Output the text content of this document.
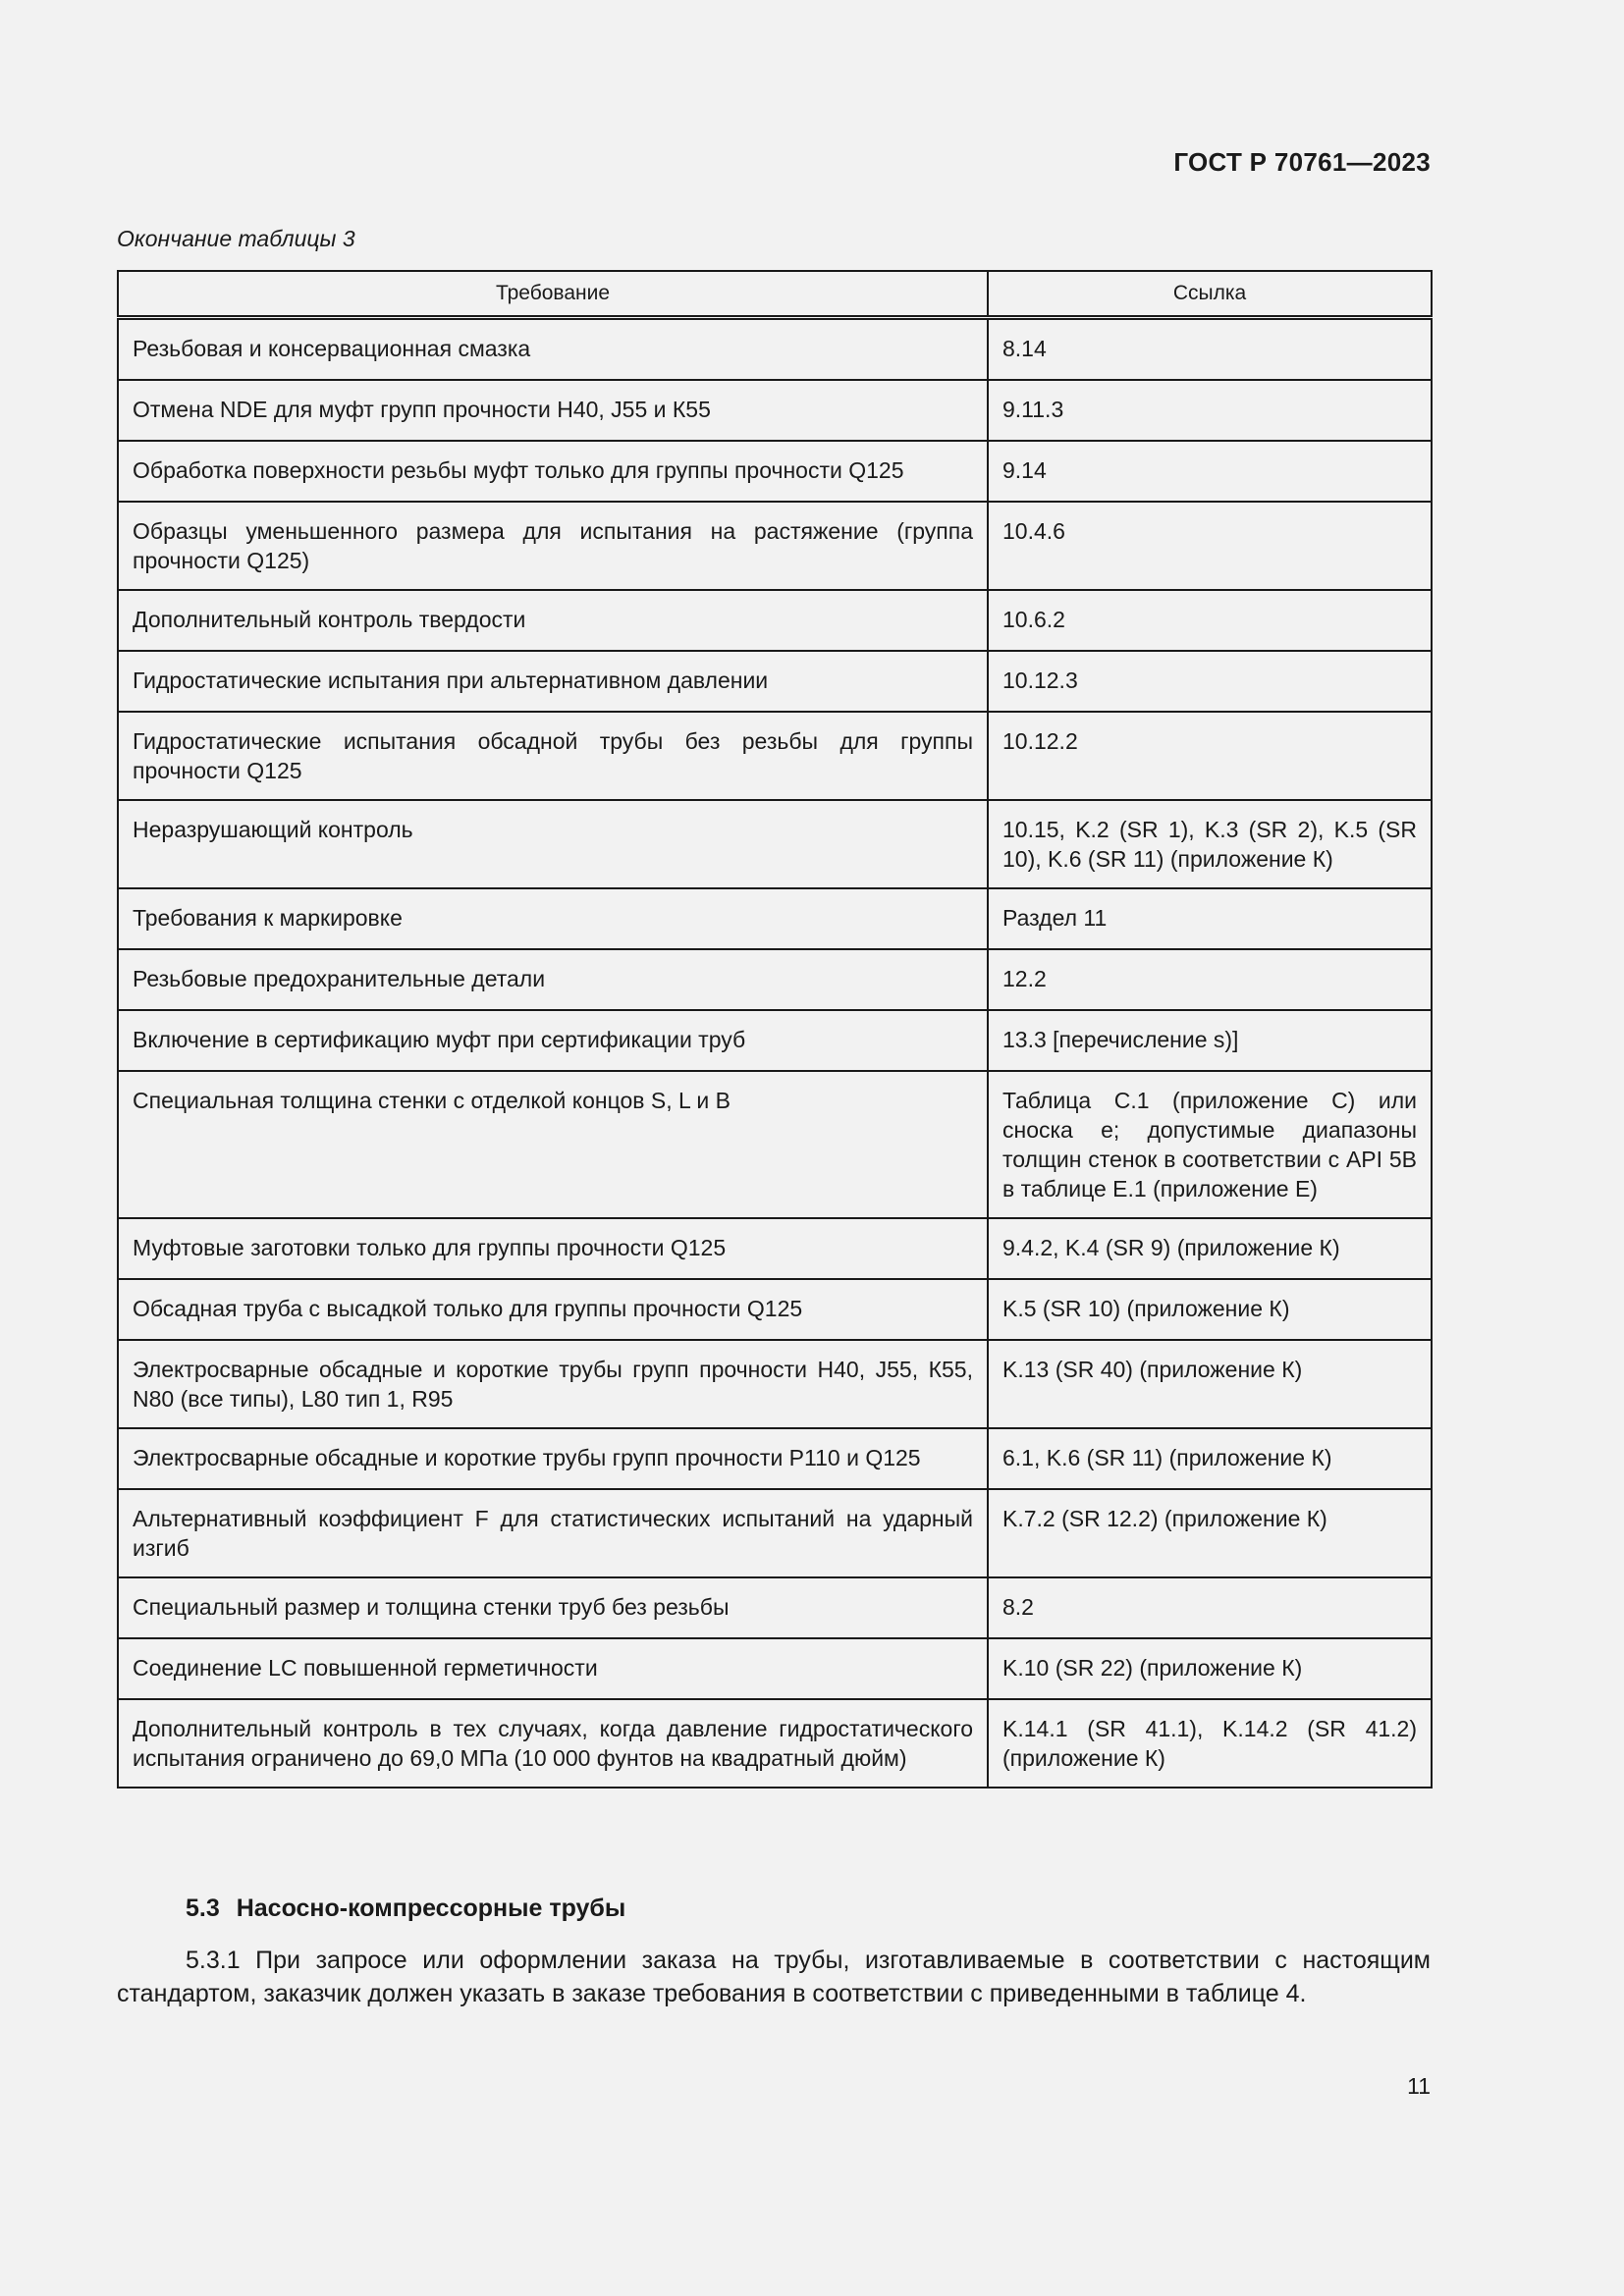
ГОСТ Р 70761—2023
Окончание таблицы 3
Требование	Ссылка
Резьбовая и консервационная смазка	8.14
Отмена NDE для муфт групп прочности Н40, J55 и К55	9.11.3
Обработка поверхности резьбы муфт только для группы прочности Q125	9.14
Образцы уменьшенного размера для испытания на растяжение (группа прочности Q125)	10.4.6
Дополнительный контроль твердости	10.6.2
Гидростатические испытания при альтернативном давлении	10.12.3
Гидростатические испытания обсадной трубы без резьбы для группы прочности Q125	10.12.2
Неразрушающий контроль	10.15, K.2 (SR 1), K.3 (SR 2), K.5 (SR 10), K.6 (SR 11) (приложение К)
Требования к маркировке	Раздел 11
Резьбовые предохранительные детали	12.2
Включение в сертификацию муфт при сертификации труб	13.3 [перечисление s)]
Специальная толщина стенки с отделкой концов S, L и B	Таблица С.1 (приложение С) или сноска е; допустимые диапазоны толщин стенок в соответствии с API 5B в таблице Е.1 (приложение Е)
Муфтовые заготовки только для группы прочности Q125	9.4.2, K.4 (SR 9) (приложение К)
Обсадная труба с высадкой только для группы прочности Q125	K.5 (SR 10) (приложение К)
Электросварные обсадные и короткие трубы групп прочности Н40, J55, К55, N80 (все типы), L80 тип 1, R95	K.13 (SR 40) (приложение К)
Электросварные обсадные и короткие трубы групп прочности Р110 и Q125	6.1, K.6 (SR 11) (приложение К)
Альтернативный коэффициент F для статистических испытаний на ударный изгиб	K.7.2 (SR 12.2) (приложение К)
Специальный размер и толщина стенки труб без резьбы	8.2
Соединение LC повышенной герметичности	K.10 (SR 22) (приложение К)
Дополнительный контроль в тех случаях, когда давление гидростатического испытания ограничено до 69,0 МПа (10 000 фунтов на квадратный дюйм)	K.14.1 (SR 41.1), K.14.2 (SR 41.2) (приложение К)
5.3 Насосно-компрессорные трубы
5.3.1 При запросе или оформлении заказа на трубы, изготавливаемые в соответствии с настоящим стандартом, заказчик должен указать в заказе требования в соответствии с приведенными в таблице 4.
11
